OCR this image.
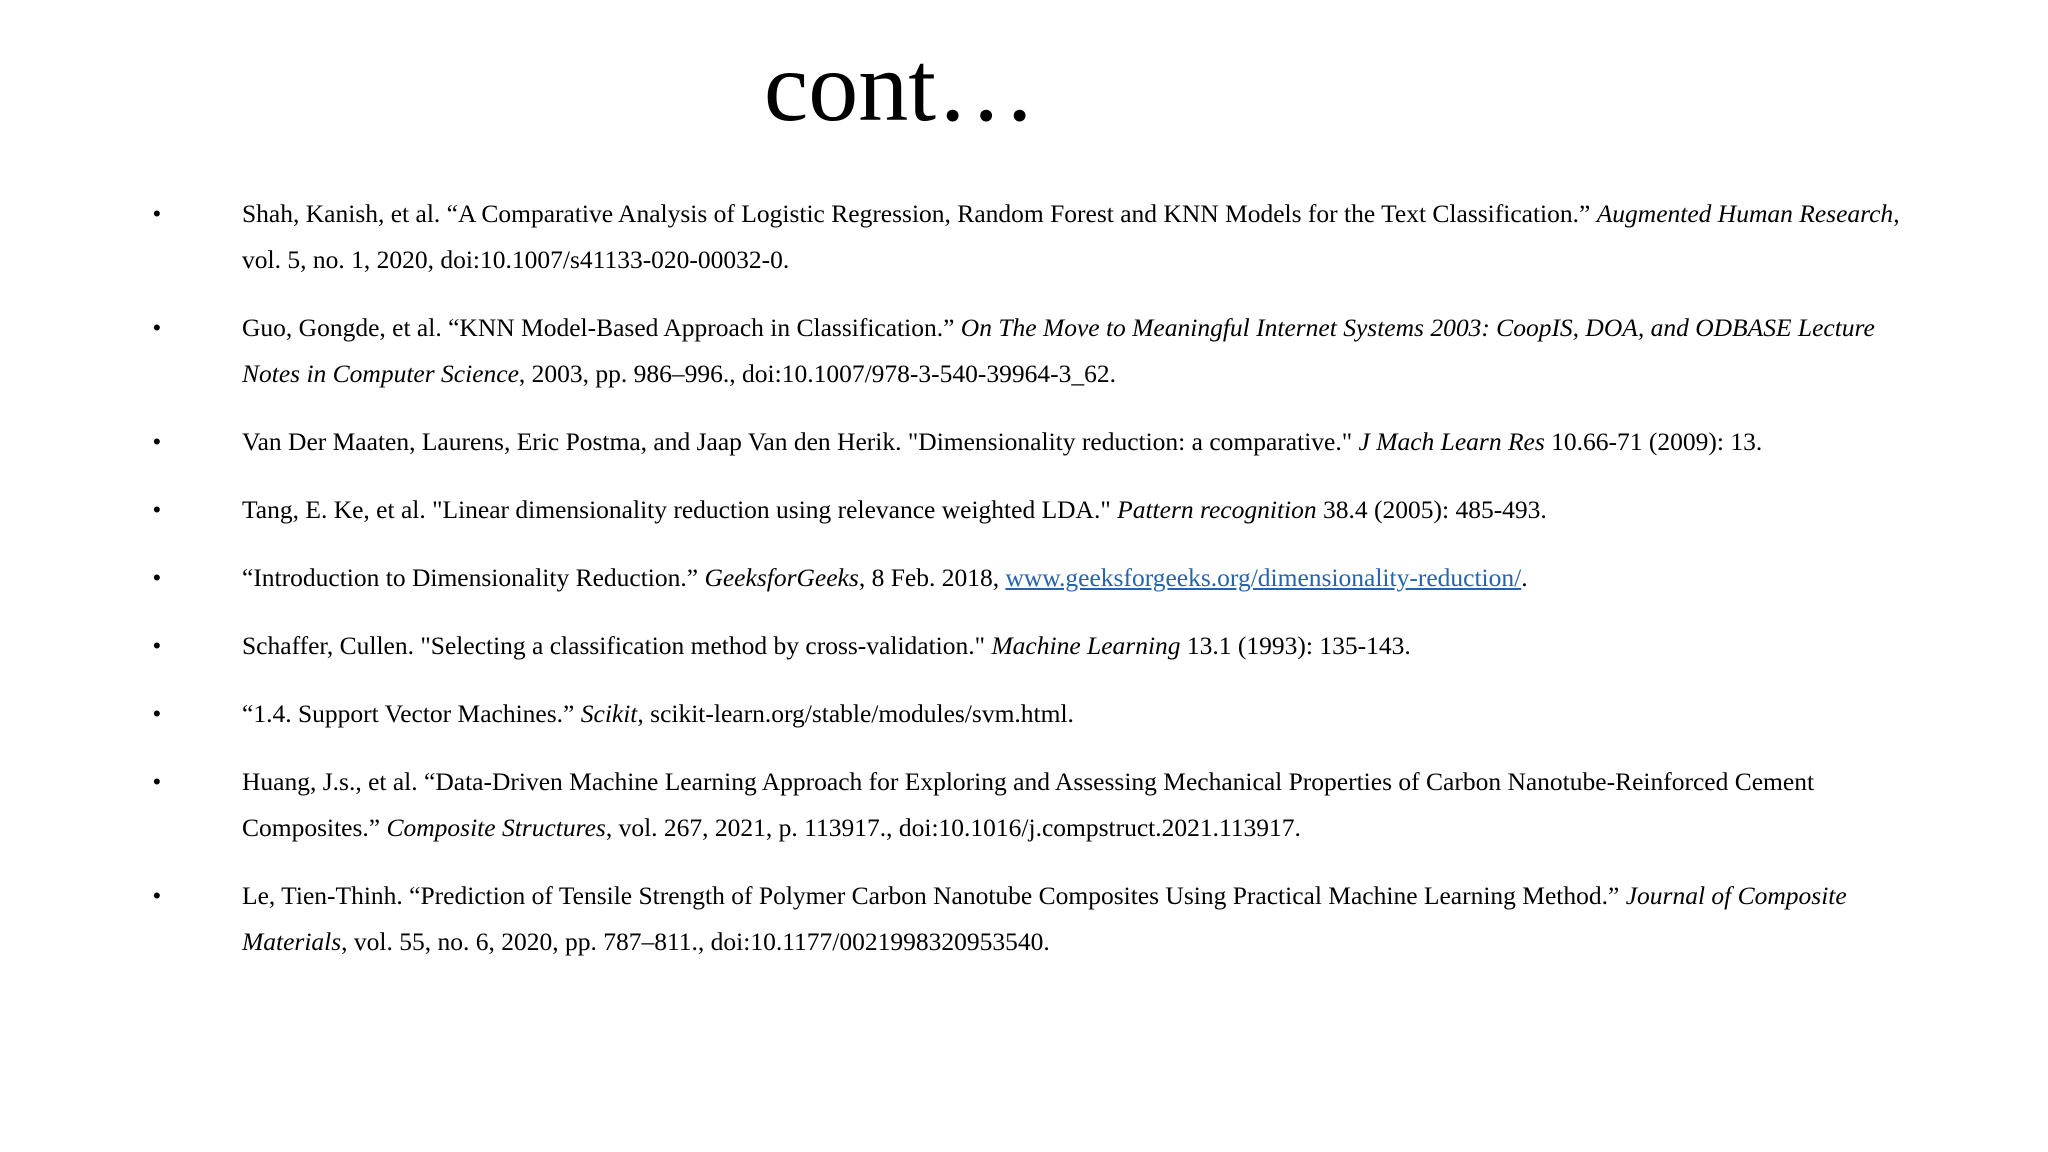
cont…
•	Shah, Kanish, et al. “A Comparative Analysis of Logistic Regression, Random Forest and KNN Models for the Text Classification.” Augmented Human Research, vol. 5, no. 1, 2020, doi:10.1007/s41133-020-00032-0.
•	Guo, Gongde, et al. “KNN Model-Based Approach in Classification.” On The Move to Meaningful Internet Systems 2003: CoopIS, DOA, and ODBASE Lecture Notes in Computer Science, 2003, pp. 986–996., doi:10.1007/978-3-540-39964-3_62.
•	Van Der Maaten, Laurens, Eric Postma, and Jaap Van den Herik. "Dimensionality reduction: a comparative." J Mach Learn Res 10.66-71 (2009): 13.
•	Tang, E. Ke, et al. "Linear dimensionality reduction using relevance weighted LDA." Pattern recognition 38.4 (2005): 485-493.
•	“Introduction to Dimensionality Reduction.” GeeksforGeeks, 8 Feb. 2018, www.geeksforgeeks.org/dimensionality-reduction/.
•	Schaffer, Cullen. "Selecting a classification method by cross-validation." Machine Learning 13.1 (1993): 135-143.
•	“1.4. Support Vector Machines.” Scikit, scikit-learn.org/stable/modules/svm.html.
•	Huang, J.s., et al. “Data-Driven Machine Learning Approach for Exploring and Assessing Mechanical Properties of Carbon Nanotube-Reinforced Cement Composites.” Composite Structures, vol. 267, 2021, p. 113917., doi:10.1016/j.compstruct.2021.113917.
•	Le, Tien-Thinh. “Prediction of Tensile Strength of Polymer Carbon Nanotube Composites Using Practical Machine Learning Method.” Journal of Composite Materials, vol. 55, no. 6, 2020, pp. 787–811., doi:10.1177/0021998320953540.
